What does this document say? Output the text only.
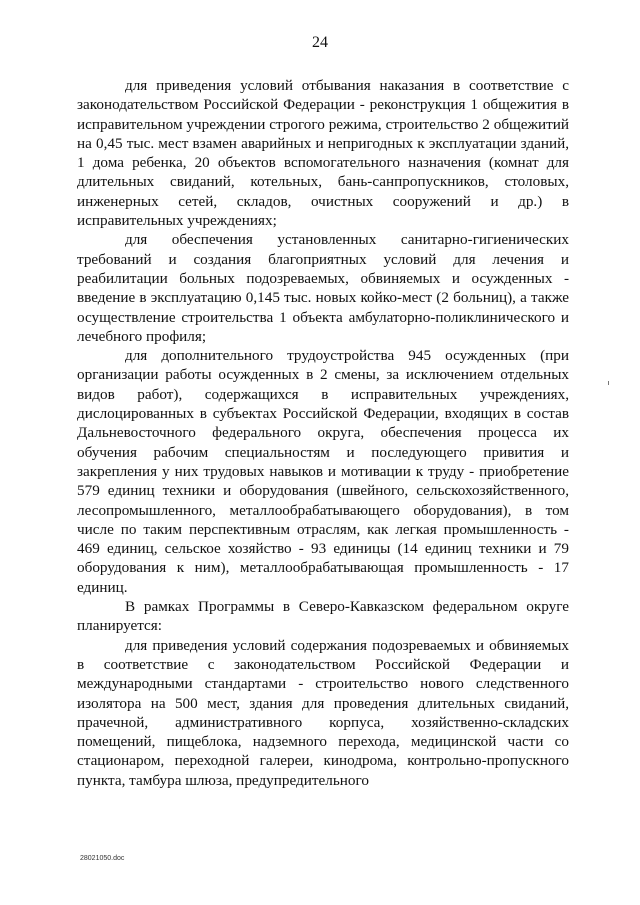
24

для приведения условий отбывания наказания в соответствие с законодательством Российской Федерации - реконструкция 1 общежития в исправительном учреждении строгого режима, строительство 2 общежитий на 0,45 тыс. мест взамен аварийных и непригодных к эксплуатации зданий, 1 дома ребенка, 20 объектов вспомогательного назначения (комнат для длительных свиданий, котельных, бань-санпропускников, столовых, инженерных сетей, складов, очистных сооружений и др.) в исправительных учреждениях;

для обеспечения установленных санитарно-гигиенических требований и создания благоприятных условий для лечения и реабилитации больных подозреваемых, обвиняемых и осужденных - введение в эксплуатацию 0,145 тыс. новых койко-мест (2 больниц), а также осуществление строительства 1 объекта амбулаторно-поликлинического и лечебного профиля;

для дополнительного трудоустройства 945 осужденных (при организации работы осужденных в 2 смены, за исключением отдельных видов работ), содержащихся в исправительных учреждениях, дислоцированных в субъектах Российской Федерации, входящих в состав Дальневосточного федерального округа, обеспечения процесса их обучения рабочим специальностям и последующего привития и закрепления у них трудовых навыков и мотивации к труду - приобретение 579 единиц техники и оборудования (швейного, сельскохозяйственного, лесопромышленного, металлообрабатывающего оборудования), в том числе по таким перспективным отраслям, как легкая промышленность - 469 единиц, сельское хозяйство - 93 единицы (14 единиц техники и 79 оборудования к ним), металлообрабатывающая промышленность - 17 единиц.

В рамках Программы в Северо-Кавказском федеральном округе планируется:

для приведения условий содержания подозреваемых и обвиняемых в соответствие с законодательством Российской Федерации и международными стандартами - строительство нового следственного изолятора на 500 мест, здания для проведения длительных свиданий, прачечной, административного корпуса, хозяйственно-складских помещений, пищеблока, надземного перехода, медицинской части со стационаром, переходной галереи, кинодрома, контрольно-пропускного пункта, тамбура шлюза, предупредительного

28021050.doc
